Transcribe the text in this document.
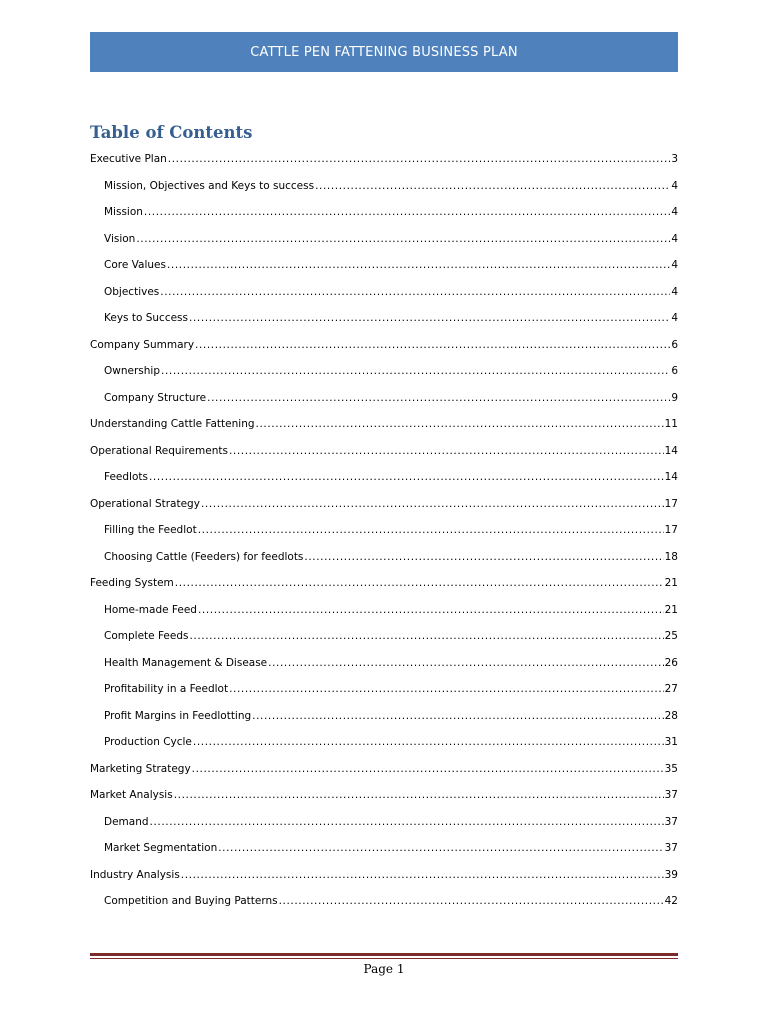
CATTLE PEN FATTENING BUSINESS PLAN
Table of Contents
Executive Plan .....	3
Mission, Objectives and Keys to success .....	4
Mission .....	4
Vision .....	4
Core Values .....	4
Objectives .....	4
Keys to Success .....	4
Company Summary .....	6
Ownership .....	6
Company Structure .....	9
Understanding Cattle Fattening .....	11
Operational Requirements .....	14
Feedlots .....	14
Operational Strategy .....	17
Filling the Feedlot .....	17
Choosing Cattle (Feeders) for feedlots .....	18
Feeding System .....	21
Home-made Feed .....	21
Complete Feeds .....	25
Health Management & Disease .....	26
Profitability in a Feedlot .....	27
Profit Margins in Feedlotting .....	28
Production Cycle .....	31
Marketing Strategy .....	35
Market Analysis .....	37
Demand .....	37
Market Segmentation .....	37
Industry Analysis .....	39
Competition and Buying Patterns .....	42
Page 1
